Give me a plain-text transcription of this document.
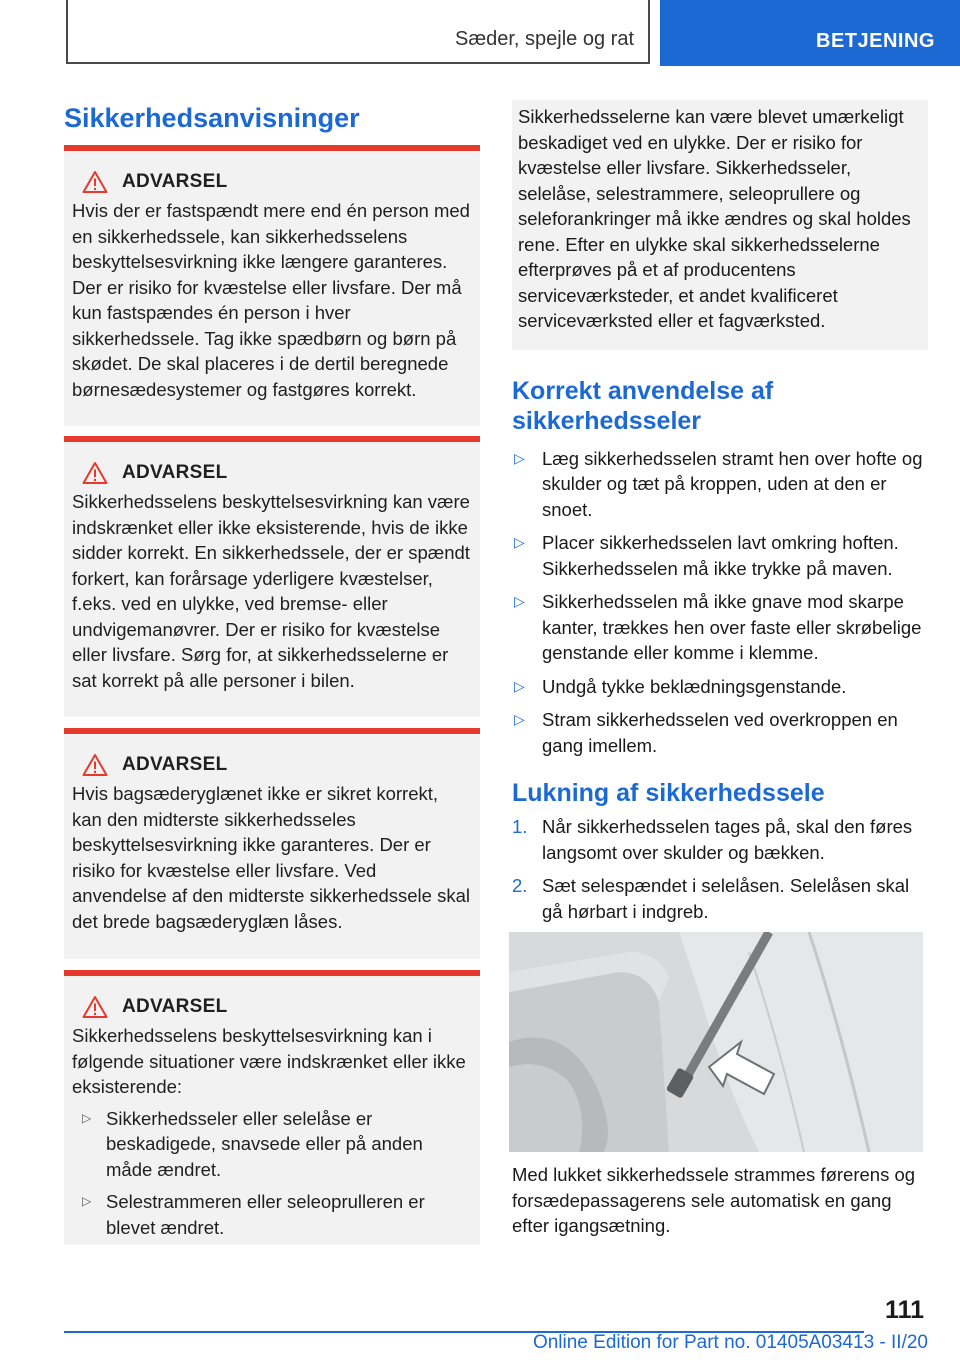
Sæder, spejle og rat	BETJENING
Sikkerhedsanvisninger
ADVARSEL

Hvis der er fastspændt mere end én person med en sikkerhedssele, kan sikkerhedsselens beskyttelsesvirkning ikke længere garanteres. Der er risiko for kvæstelse eller livsfare. Der må kun fastspændes én person i hver sikkerhedssele. Tag ikke spædbørn og børn på skødet. De skal placeres i de dertil beregnede børnesædesystemer og fastgøres korrekt.

ADVARSEL

Sikkerhedsselens beskyttelsesvirkning kan være indskrænket eller ikke eksisterende, hvis de ikke sidder korrekt. En sikkerhedssele, der er spændt forkert, kan forårsage yderligere kvæstelser, f.eks. ved en ulykke, ved bremse- eller undvigemanøvrer. Der er risiko for kvæstelse eller livsfare. Sørg for, at sikkerhedsselerne er sat korrekt på alle personer i bilen.

ADVARSEL

Hvis bagsæderyglænet ikke er sikret korrekt, kan den midterste sikkerhedsseles beskyttelsesvirkning ikke garanteres. Der er risiko for kvæstelse eller livsfare. Ved anvendelse af den midterste sikkerhedssele skal det brede bagsæderyglæn låses.

ADVARSEL

Sikkerhedsselens beskyttelsesvirkning kan i følgende situationer være indskrænket eller ikke eksisterende:

▷ Sikkerhedsseler eller selelåse er beskadigede, snavsede eller på anden måde ændret.
▷ Selestrammeren eller seleoprulleren er blevet ændret.
Sikkerhedsselerne kan være blevet umærkeligt beskadiget ved en ulykke. Der er risiko for kvæstelse eller livsfare. Sikkerhedsseler, selelåse, selestrammere, seleoprullere og seleforankringer må ikke ændres og skal holdes rene. Efter en ulykke skal sikkerhedsselerne efterprøves på et af producentens serviceværksteder, et andet kvalificeret serviceværksted eller et fagværksted.
Korrekt anvendelse af sikkerhedsseler
▷ Læg sikkerhedsselen stramt hen over hofte og skulder og tæt på kroppen, uden at den er snoet.
▷ Placer sikkerhedsselen lavt omkring hoften. Sikkerhedsselen må ikke trykke på maven.
▷ Sikkerhedsselen må ikke gnave mod skarpe kanter, trækkes hen over faste eller skrøbelige genstande eller komme i klemme.
▷ Undgå tykke beklædningsgenstande.
▷ Stram sikkerhedsselen ved overkroppen en gang imellem.
Lukning af sikkerhedssele
1. Når sikkerhedsselen tages på, skal den føres langsomt over skulder og bækken.
2. Sæt selespændet i selelåsen. Selelåsen skal gå hørbart i indgreb.
Med lukket sikkerhedssele strammes førerens og forsædepassagerens sele automatisk en gang efter igangsætning.
111
Online Edition for Part no. 01405A03413 - II/20
